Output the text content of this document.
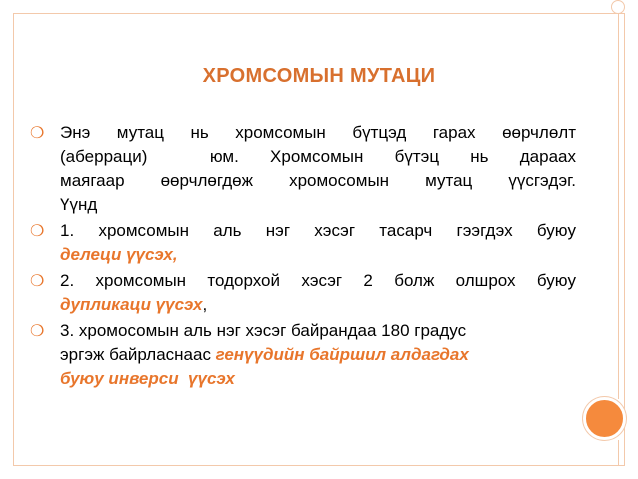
ХРОМСОМЫН МУТАЦИ
❍ Энэ мутац нь хромсомын бүтцэд гарах өөрчлөлт
(аберраци)  юм. Хромсомын бүтэц нь дараах
маягаар өөрчлөгдөж хромосомын мутац үүсгэдэг.
Үүнд
❍ 1. хромсомын аль нэг хэсэг тасарч гээгдэх буюу
делеци үүсэх,
❍ 2. хромсомын тодорхой хэсэг 2 болж олшрох буюу
дупликаци үүсэх,
❍ 3. хромосомын аль нэг хэсэг байрандаа 180 градус
эргэж байрласнаас генүүдийн байршил алдагдах
буюу инверси  үүсэх
